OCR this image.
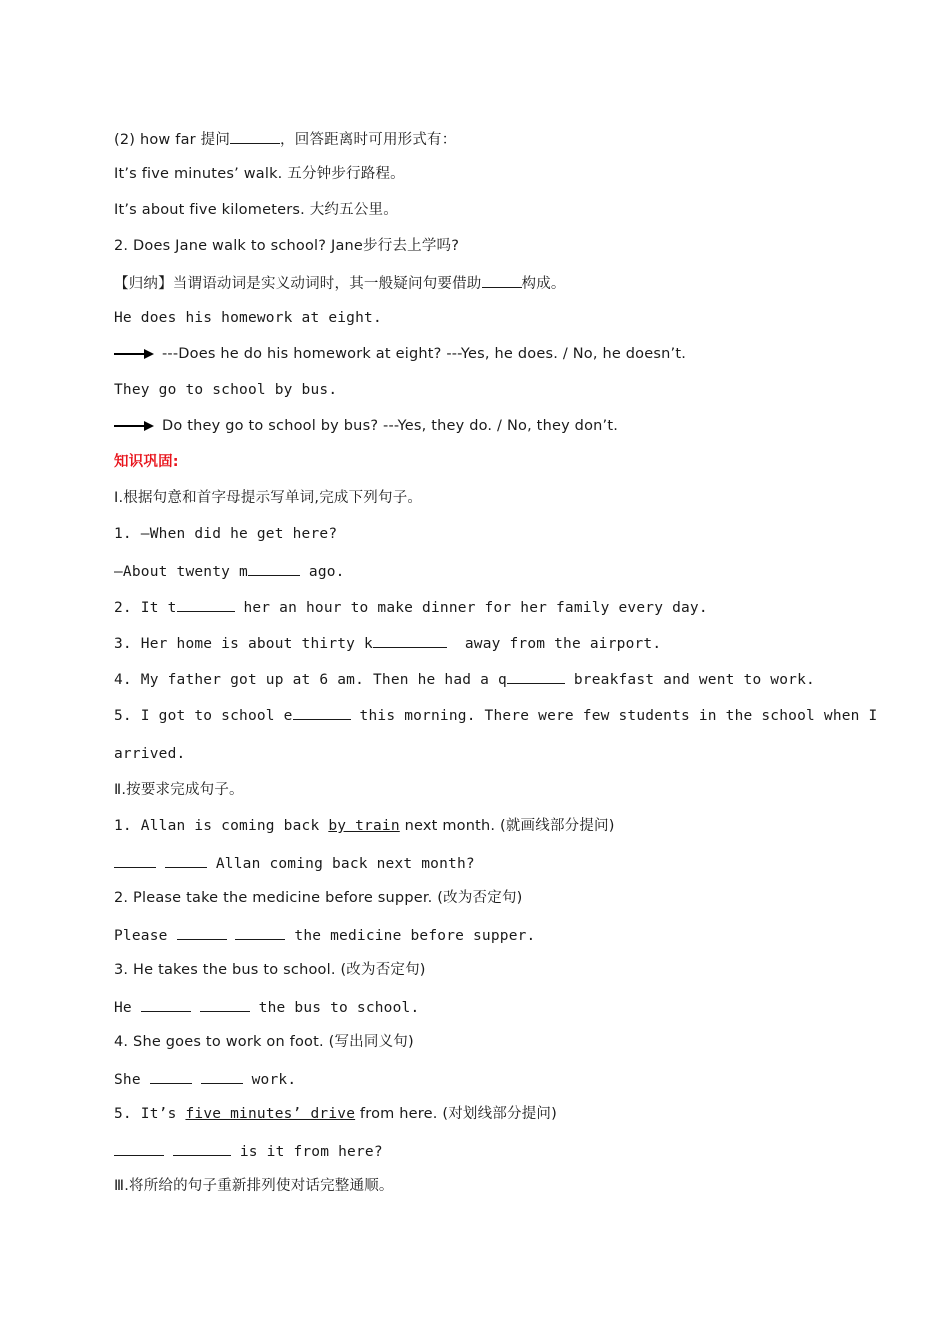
(2) how far 提问	，回答距离时可用形式有：
It’s five minutes’ walk. 五分钟步行路程。
It’s about five kilometers. 大约五公里。
2. Does Jane walk to school? Jane步行去上学吗?
【归纳】当谓语动词是实义动词时，其一般疑问句要借助	构成。
He does his homework at eight.
---Does he do his homework at eight? ---Yes, he does. / No, he doesn’t.
They go to school by bus.
Do they go to school by bus? ---Yes, they do. / No, they don’t.
知识巩固:
Ⅰ.根据句意和首字母提示写单词,完成下列句子。
1. —When did he get here?
—About twenty m	ago.
2. It t	her an hour to make dinner for her family every day.
3. Her home is about thirty k	away from the airport.
4. My father got up at 6 am. Then he had a q	breakfast and went to work.
5. I got to school e	this morning. There were few students in the school when I
arrived.
Ⅱ.按要求完成句子。
1. Allan is coming back by train next month. (就画线部分提问)
Allan coming back next month?
2. Please take the medicine before supper. (改为否定句)
Please	the medicine before supper.
3. He takes the bus to school. (改为否定句)
He	the bus to school.
4. She goes to work on foot. (写出同义句)
She	work.
5. It’s five minutes’ drive from here. (对划线部分提问)
is it from here?
Ⅲ.将所给的句子重新排列使对话完整通顺。
